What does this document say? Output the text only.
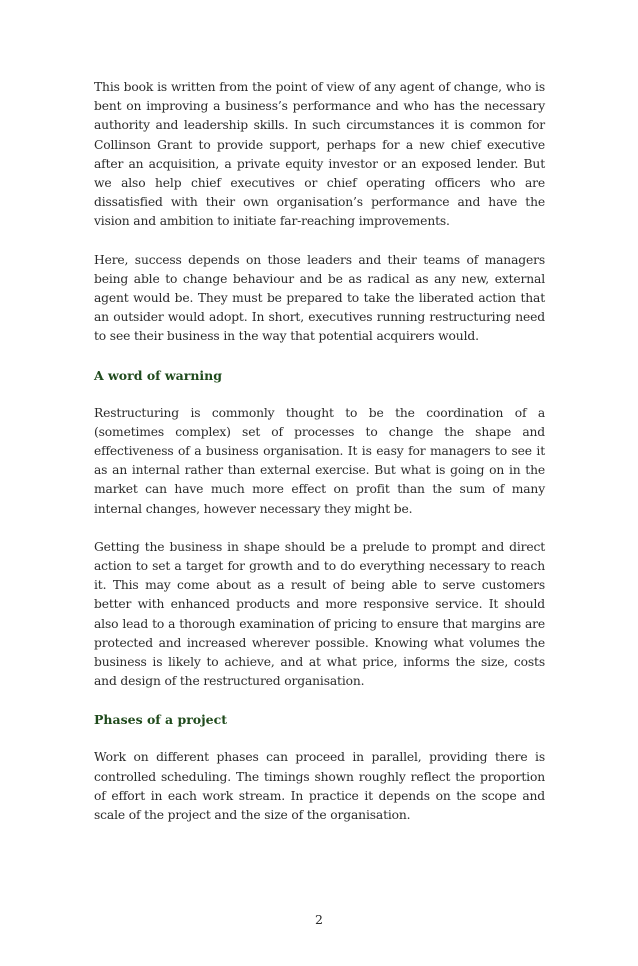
This book is written from the point of view of any agent of change, who is bent on improving a business’s performance and who has the necessary authority and leadership skills. In such circumstances it is common for Collinson Grant to provide support, perhaps for a new chief executive after an acquisition, a private equity investor or an exposed lender. But we also help chief executives or chief operating officers who are dissatisfied with their own organisation’s performance and have the vision and ambition to initiate far-reaching improvements.

Here, success depends on those leaders and their teams of managers being able to change behaviour and be as radical as any new, external agent would be. They must be prepared to take the liberated action that an outsider would adopt. In short, executives running restructuring need to see their business in the way that potential acquirers would.

A word of warning

Restructuring is commonly thought to be the coordination of a (sometimes complex) set of processes to change the shape and effectiveness of a business organisation. It is easy for managers to see it as an internal rather than external exercise. But what is going on in the market can have much more effect on profit than the sum of many internal changes, however necessary they might be.

Getting the business in shape should be a prelude to prompt and direct action to set a target for growth and to do everything necessary to reach it. This may come about as a result of being able to serve customers better with enhanced products and more responsive service. It should also lead to a thorough examination of pricing to ensure that margins are protected and increased wherever possible. Knowing what volumes the business is likely to achieve, and at what price, informs the size, costs and design of the restructured organisation.

Phases of a project

Work on different phases can proceed in parallel, providing there is controlled scheduling. The timings shown roughly reflect the proportion of effort in each work stream. In practice it depends on the scope and scale of the project and the size of the organisation.

2
